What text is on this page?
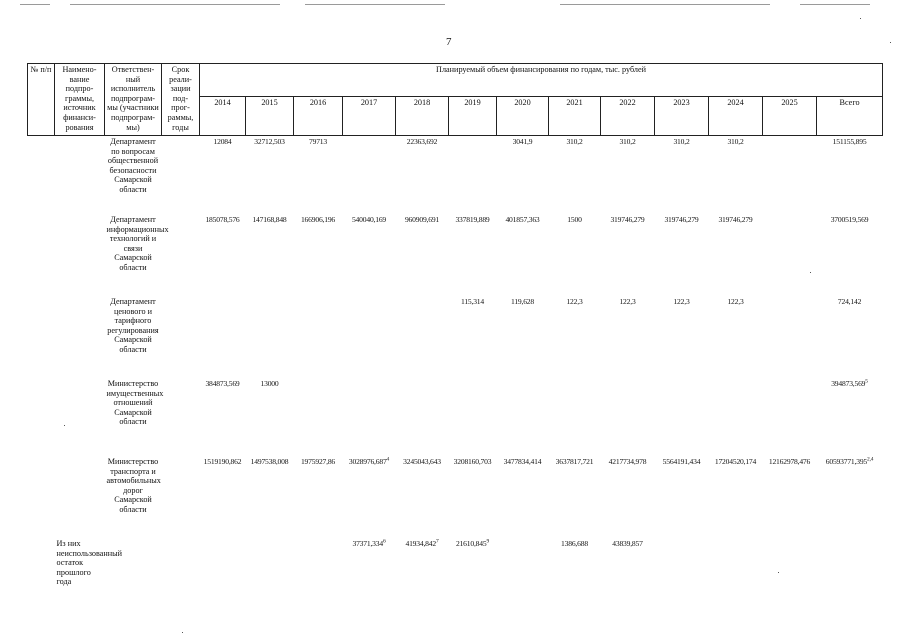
7
№ п/п	Наимено-вание подпро-граммы, источник финанси-рования	Ответствен-ный исполнитель подпрограм-мы (участники подпрограм-мы)	Срок реали-зации под-прог-раммы, годы	Планируемый объем финансирования по годам, тыс. рублей												
				2014	2015	2016	2017	2018	2019	2020	2021	2022	2023	2024	2025	Всего
		Департамент по вопросам общественной безопасности Самарской области		12084	32712,503	79713		22363,692		3041,9	310,2	310,2	310,2	310,2		151155,895
		Департамент информационных технологий и связи Самарской области		185078,576	147168,848	166906,196	540040,169	960909,691	337819,889	401857,363	1500	319746,279	319746,279	319746,279		3700519,569
		Департамент ценового и тарифного регулирования Самарской области							115,314	119,628	122,3	122,3	122,3	122,3		724,142
		Министерство имущественных отношений Самарской области		384873,569	13000											394873,569$^5$
		Министерство транспорта и автомобильных дорог Самарской области		1519190,862	1497538,008	1975927,86	3028976,687$^4$	3245043,643	3208160,703	3477834,414	3637817,721	4217734,978	5564191,434	17204520,174	12162978,476	60593771,395$^{2,4}$
	Из них неиспользованный остаток прошлого года						37371,334$^6$	41934,842$^7$	21610,845$^9$		1386,688	43839,857				
